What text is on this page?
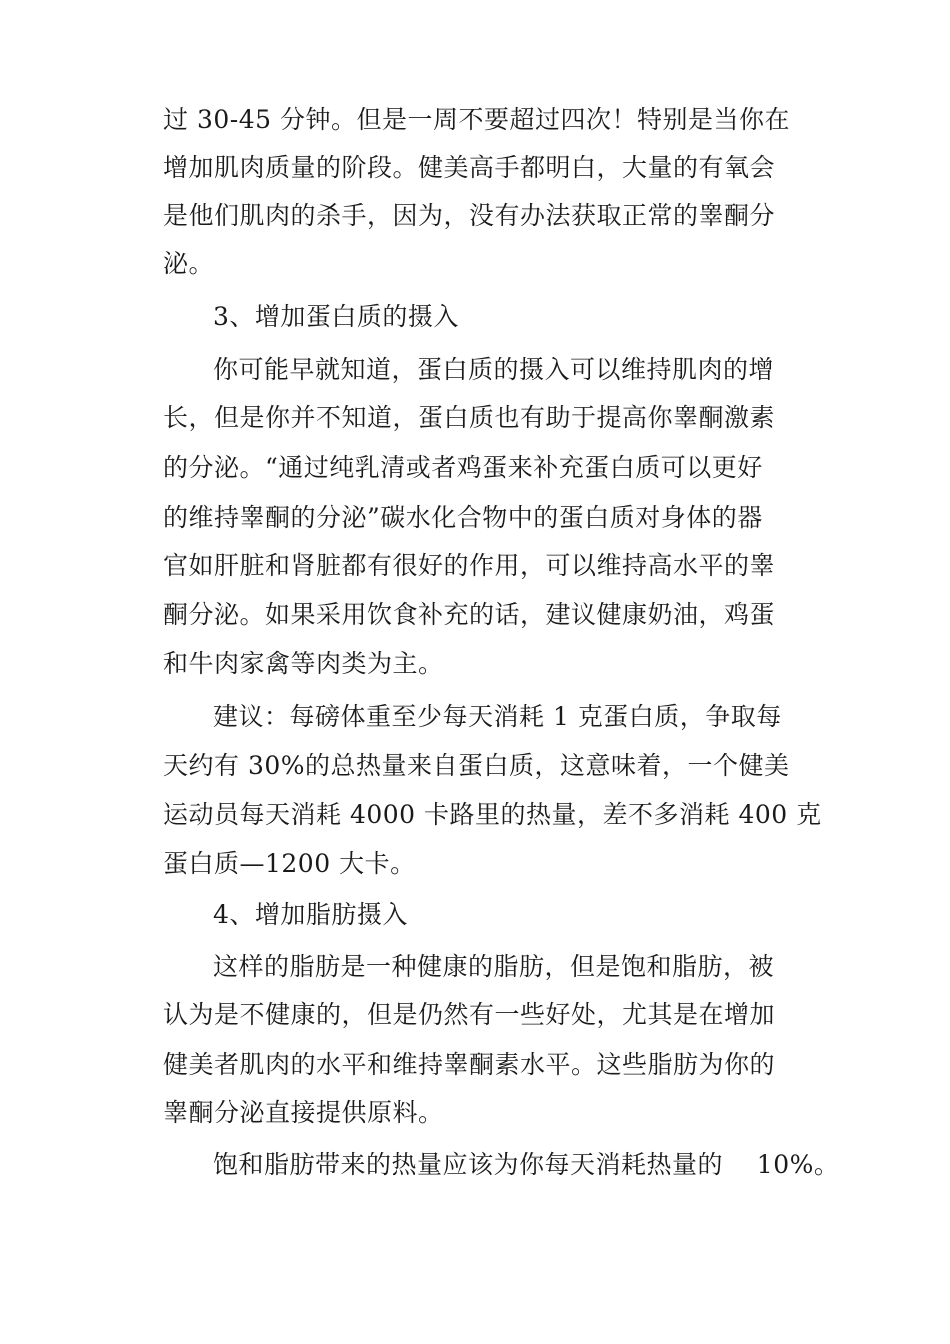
过 30-45 分钟。但是一周不要超过四次！特别是当你在
增加肌肉质量的阶段。健美高手都明白，大量的有氧会
是他们肌肉的杀手，因为，没有办法获取正常的睾酮分
泌。
3、增加蛋白质的摄入
你可能早就知道，蛋白质的摄入可以维持肌肉的增
长，但是你并不知道，蛋白质也有助于提高你睾酮激素
的分泌。“通过纯乳清或者鸡蛋来补充蛋白质可以更好
的维持睾酮的分泌”碳水化合物中的蛋白质对身体的器
官如肝脏和肾脏都有很好的作用，可以维持高水平的睾
酮分泌。如果采用饮食补充的话，建议健康奶油，鸡蛋
和牛肉家禽等肉类为主。
建议：每磅体重至少每天消耗 1 克蛋白质，争取每
天约有 30%的总热量来自蛋白质，这意味着，一个健美
运动员每天消耗 4000 卡路里的热量，差不多消耗 400 克
蛋白质—1200 大卡。
4、增加脂肪摄入
这样的脂肪是一种健康的脂肪，但是饱和脂肪，被
认为是不健康的，但是仍然有一些好处，尤其是在增加
健美者肌肉的水平和维持睾酮素水平。这些脂肪为你的
睾酮分泌直接提供原料。
饱和脂肪带来的热量应该为你每天消耗热量的    10%。
